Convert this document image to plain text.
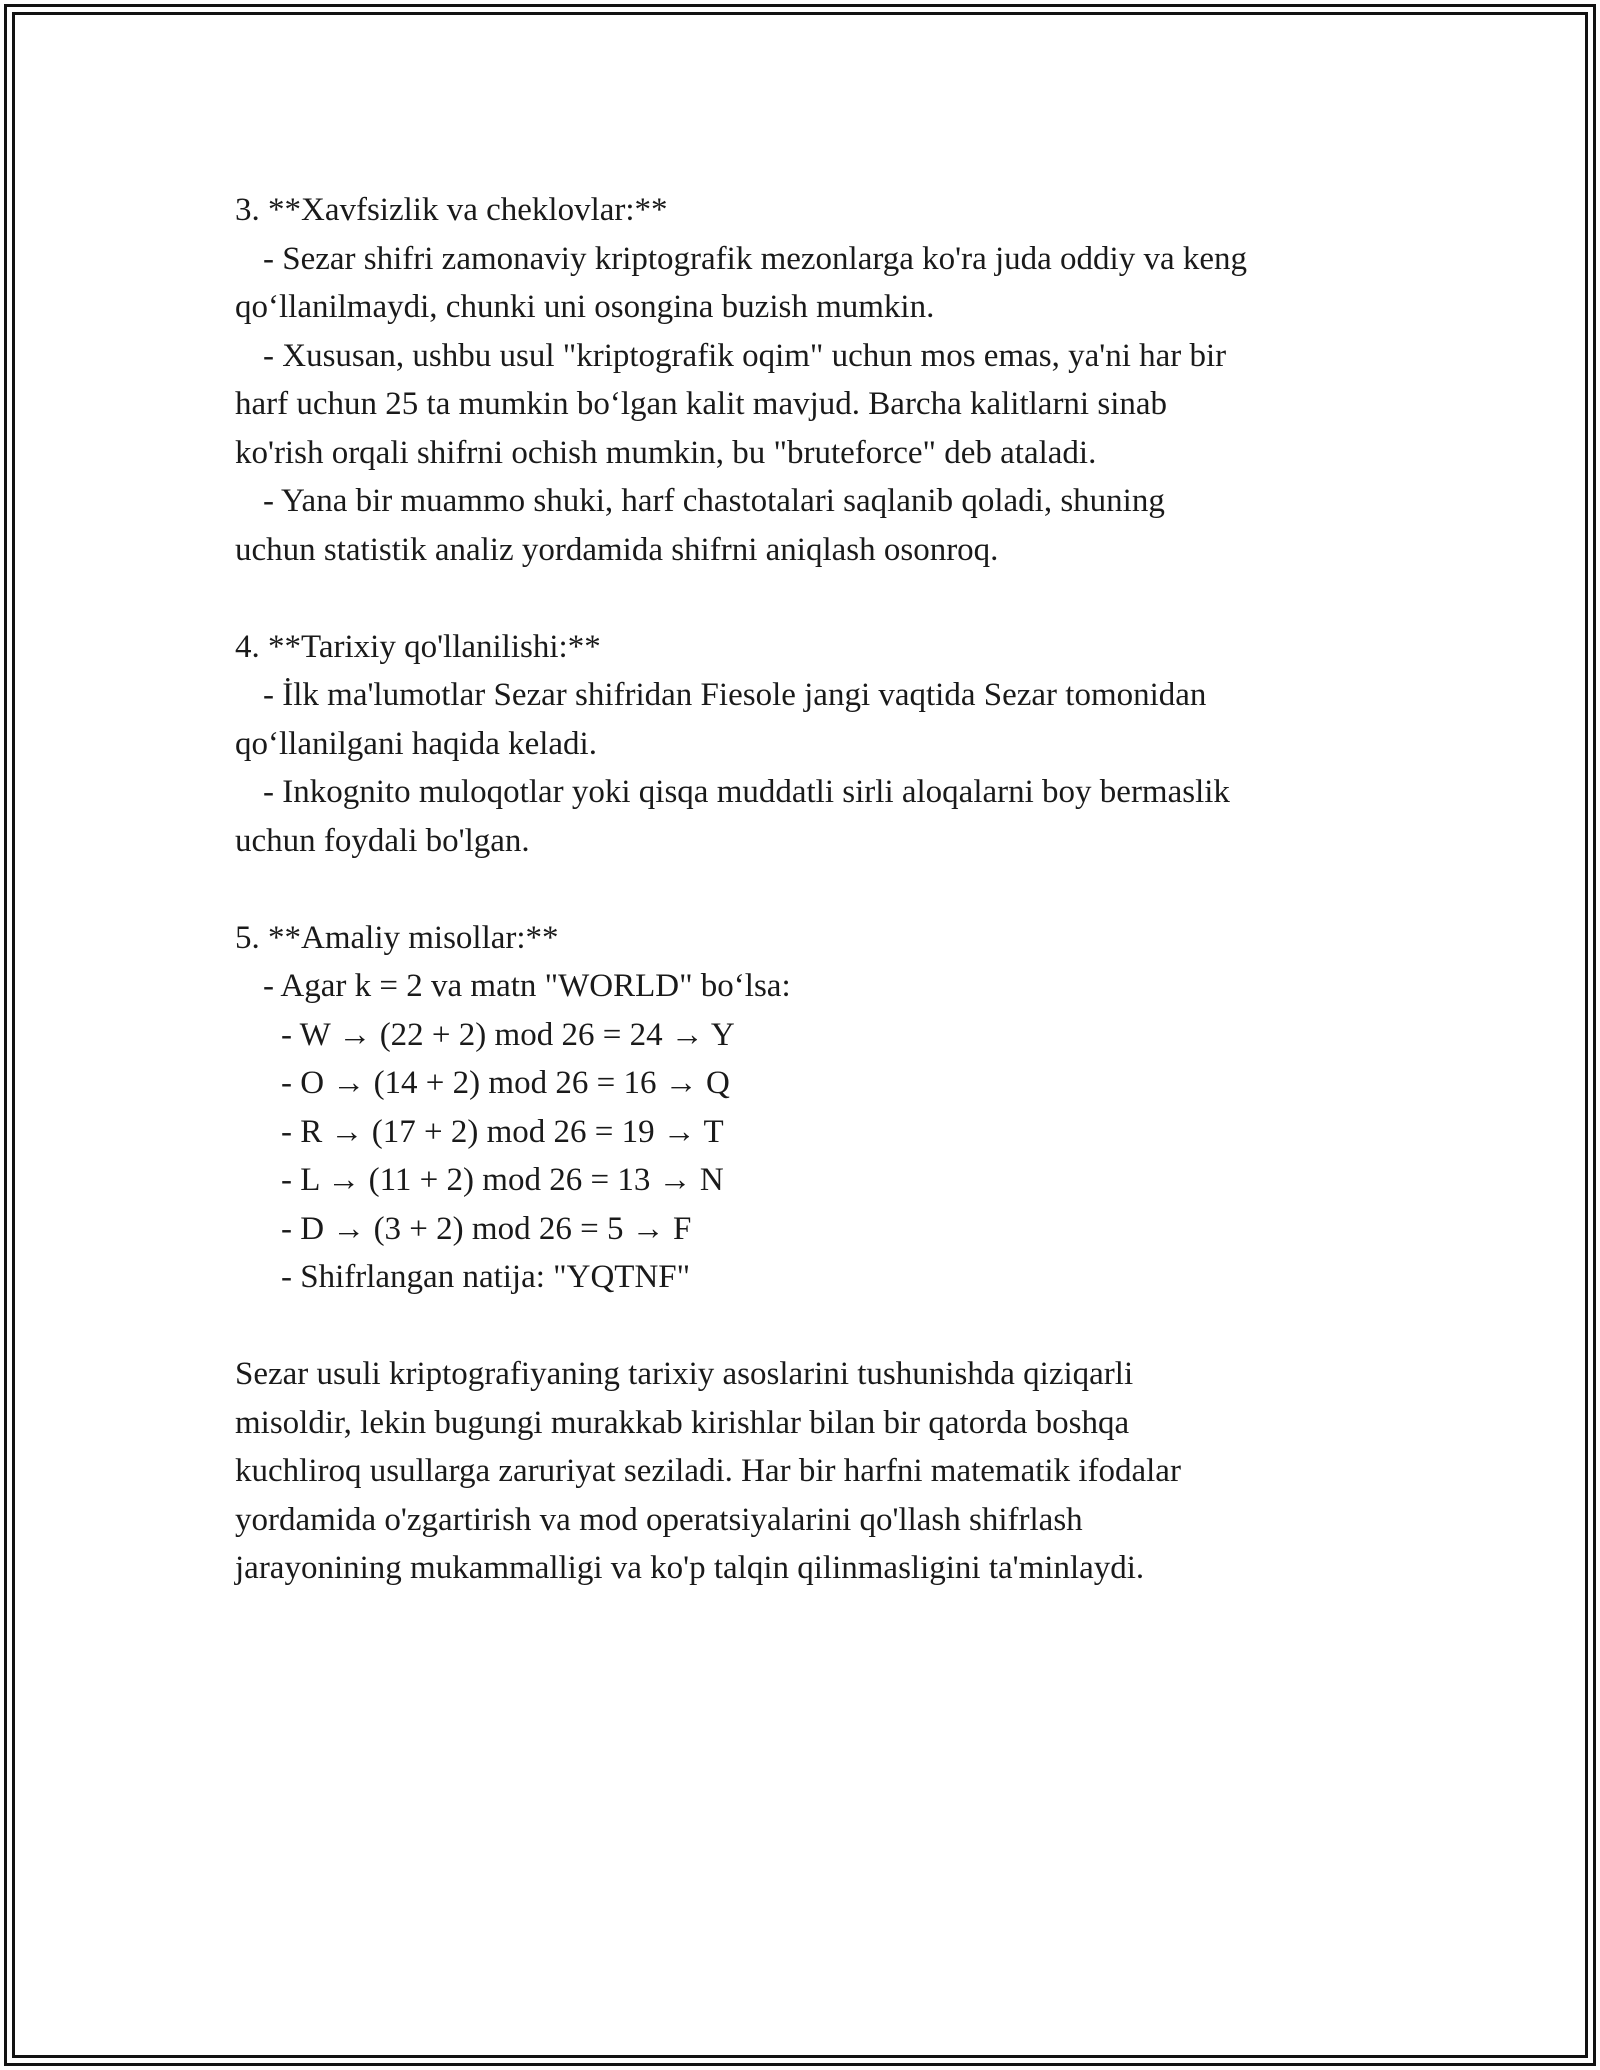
3. **Xavfsizlik va cheklovlar:**
- Sezar shifri zamonaviy kriptografik mezonlarga ko'ra juda oddiy va keng
qo‘llanilmaydi, chunki uni osongina buzish mumkin.
- Xususan, ushbu usul "kriptografik oqim" uchun mos emas, ya'ni har bir
harf uchun 25 ta mumkin bo‘lgan kalit mavjud. Barcha kalitlarni sinab
ko'rish orqali shifrni ochish mumkin, bu "bruteforce" deb ataladi.
- Yana bir muammo shuki, harf chastotalari saqlanib qoladi, shuning
uchun statistik analiz yordamida shifrni aniqlash osonroq.
4. **Tarixiy qo'llanilishi:**
- İlk ma'lumotlar Sezar shifridan Fiesole jangi vaqtida Sezar tomonidan
qo‘llanilgani haqida keladi.
- Inkognito muloqotlar yoki qisqa muddatli sirli aloqalarni boy bermaslik
uchun foydali bo'lgan.
5. **Amaliy misollar:**
- Agar k = 2 va matn "WORLD" bo‘lsa:
- W → (22 + 2) mod 26 = 24 → Y
- O → (14 + 2) mod 26 = 16 → Q
- R → (17 + 2) mod 26 = 19 → T
- L → (11 + 2) mod 26 = 13 → N
- D → (3 + 2) mod 26 = 5 → F
- Shifrlangan natija: "YQTNF"
Sezar usuli kriptografiyaning tarixiy asoslarini tushunishda qiziqarli
misoldir, lekin bugungi murakkab kirishlar bilan bir qatorda boshqa
kuchliroq usullarga zaruriyat seziladi. Har bir harfni matematik ifodalar
yordamida o'zgartirish va mod operatsiyalarini qo'llash shifrlash
jarayonining mukammalligi va ko'p talqin qilinmasligini ta'minlaydi.
